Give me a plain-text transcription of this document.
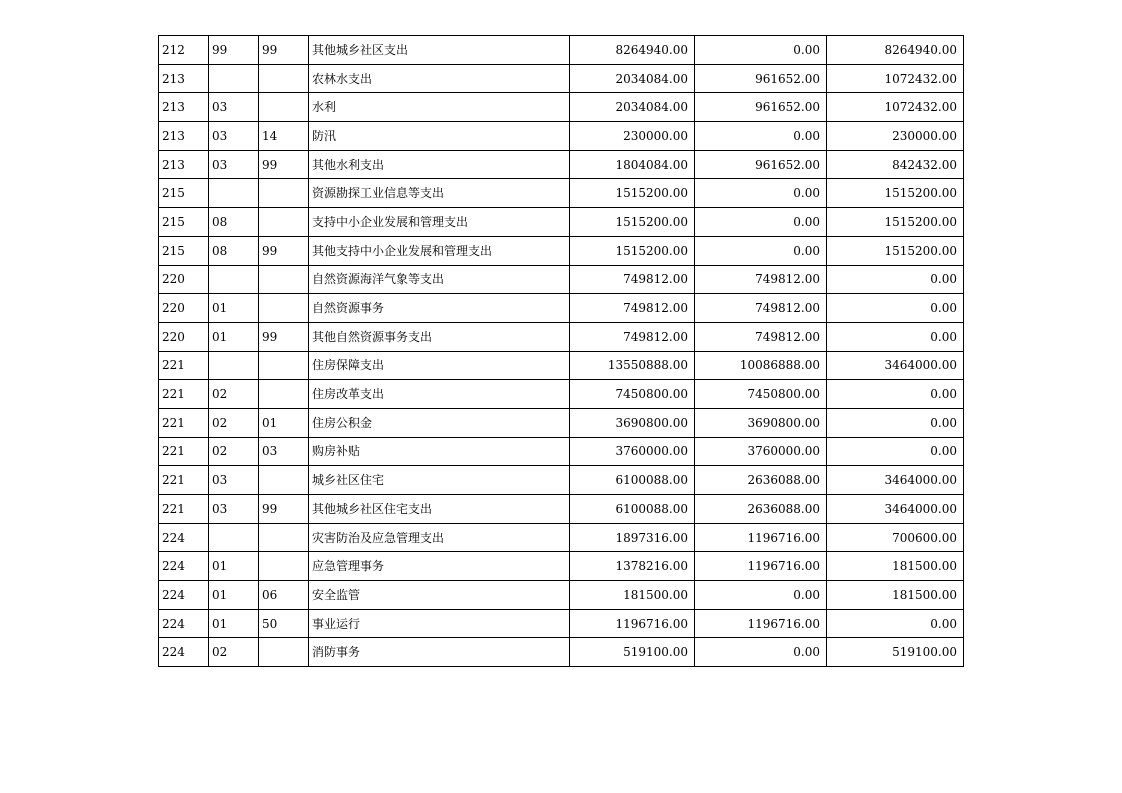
212	99	99	其他城乡社区支出	8264940.00	0.00	8264940.00
213			农林水支出	2034084.00	961652.00	1072432.00
213	03		水利	2034084.00	961652.00	1072432.00
213	03	14	防汛	230000.00	0.00	230000.00
213	03	99	其他水利支出	1804084.00	961652.00	842432.00
215			资源勘探工业信息等支出	1515200.00	0.00	1515200.00
215	08		支持中小企业发展和管理支出	1515200.00	0.00	1515200.00
215	08	99	其他支持中小企业发展和管理支出	1515200.00	0.00	1515200.00
220			自然资源海洋气象等支出	749812.00	749812.00	0.00
220	01		自然资源事务	749812.00	749812.00	0.00
220	01	99	其他自然资源事务支出	749812.00	749812.00	0.00
221			住房保障支出	13550888.00	10086888.00	3464000.00
221	02		住房改革支出	7450800.00	7450800.00	0.00
221	02	01	住房公积金	3690800.00	3690800.00	0.00
221	02	03	购房补贴	3760000.00	3760000.00	0.00
221	03		城乡社区住宅	6100088.00	2636088.00	3464000.00
221	03	99	其他城乡社区住宅支出	6100088.00	2636088.00	3464000.00
224			灾害防治及应急管理支出	1897316.00	1196716.00	700600.00
224	01		应急管理事务	1378216.00	1196716.00	181500.00
224	01	06	安全监管	181500.00	0.00	181500.00
224	01	50	事业运行	1196716.00	1196716.00	0.00
224	02		消防事务	519100.00	0.00	519100.00
